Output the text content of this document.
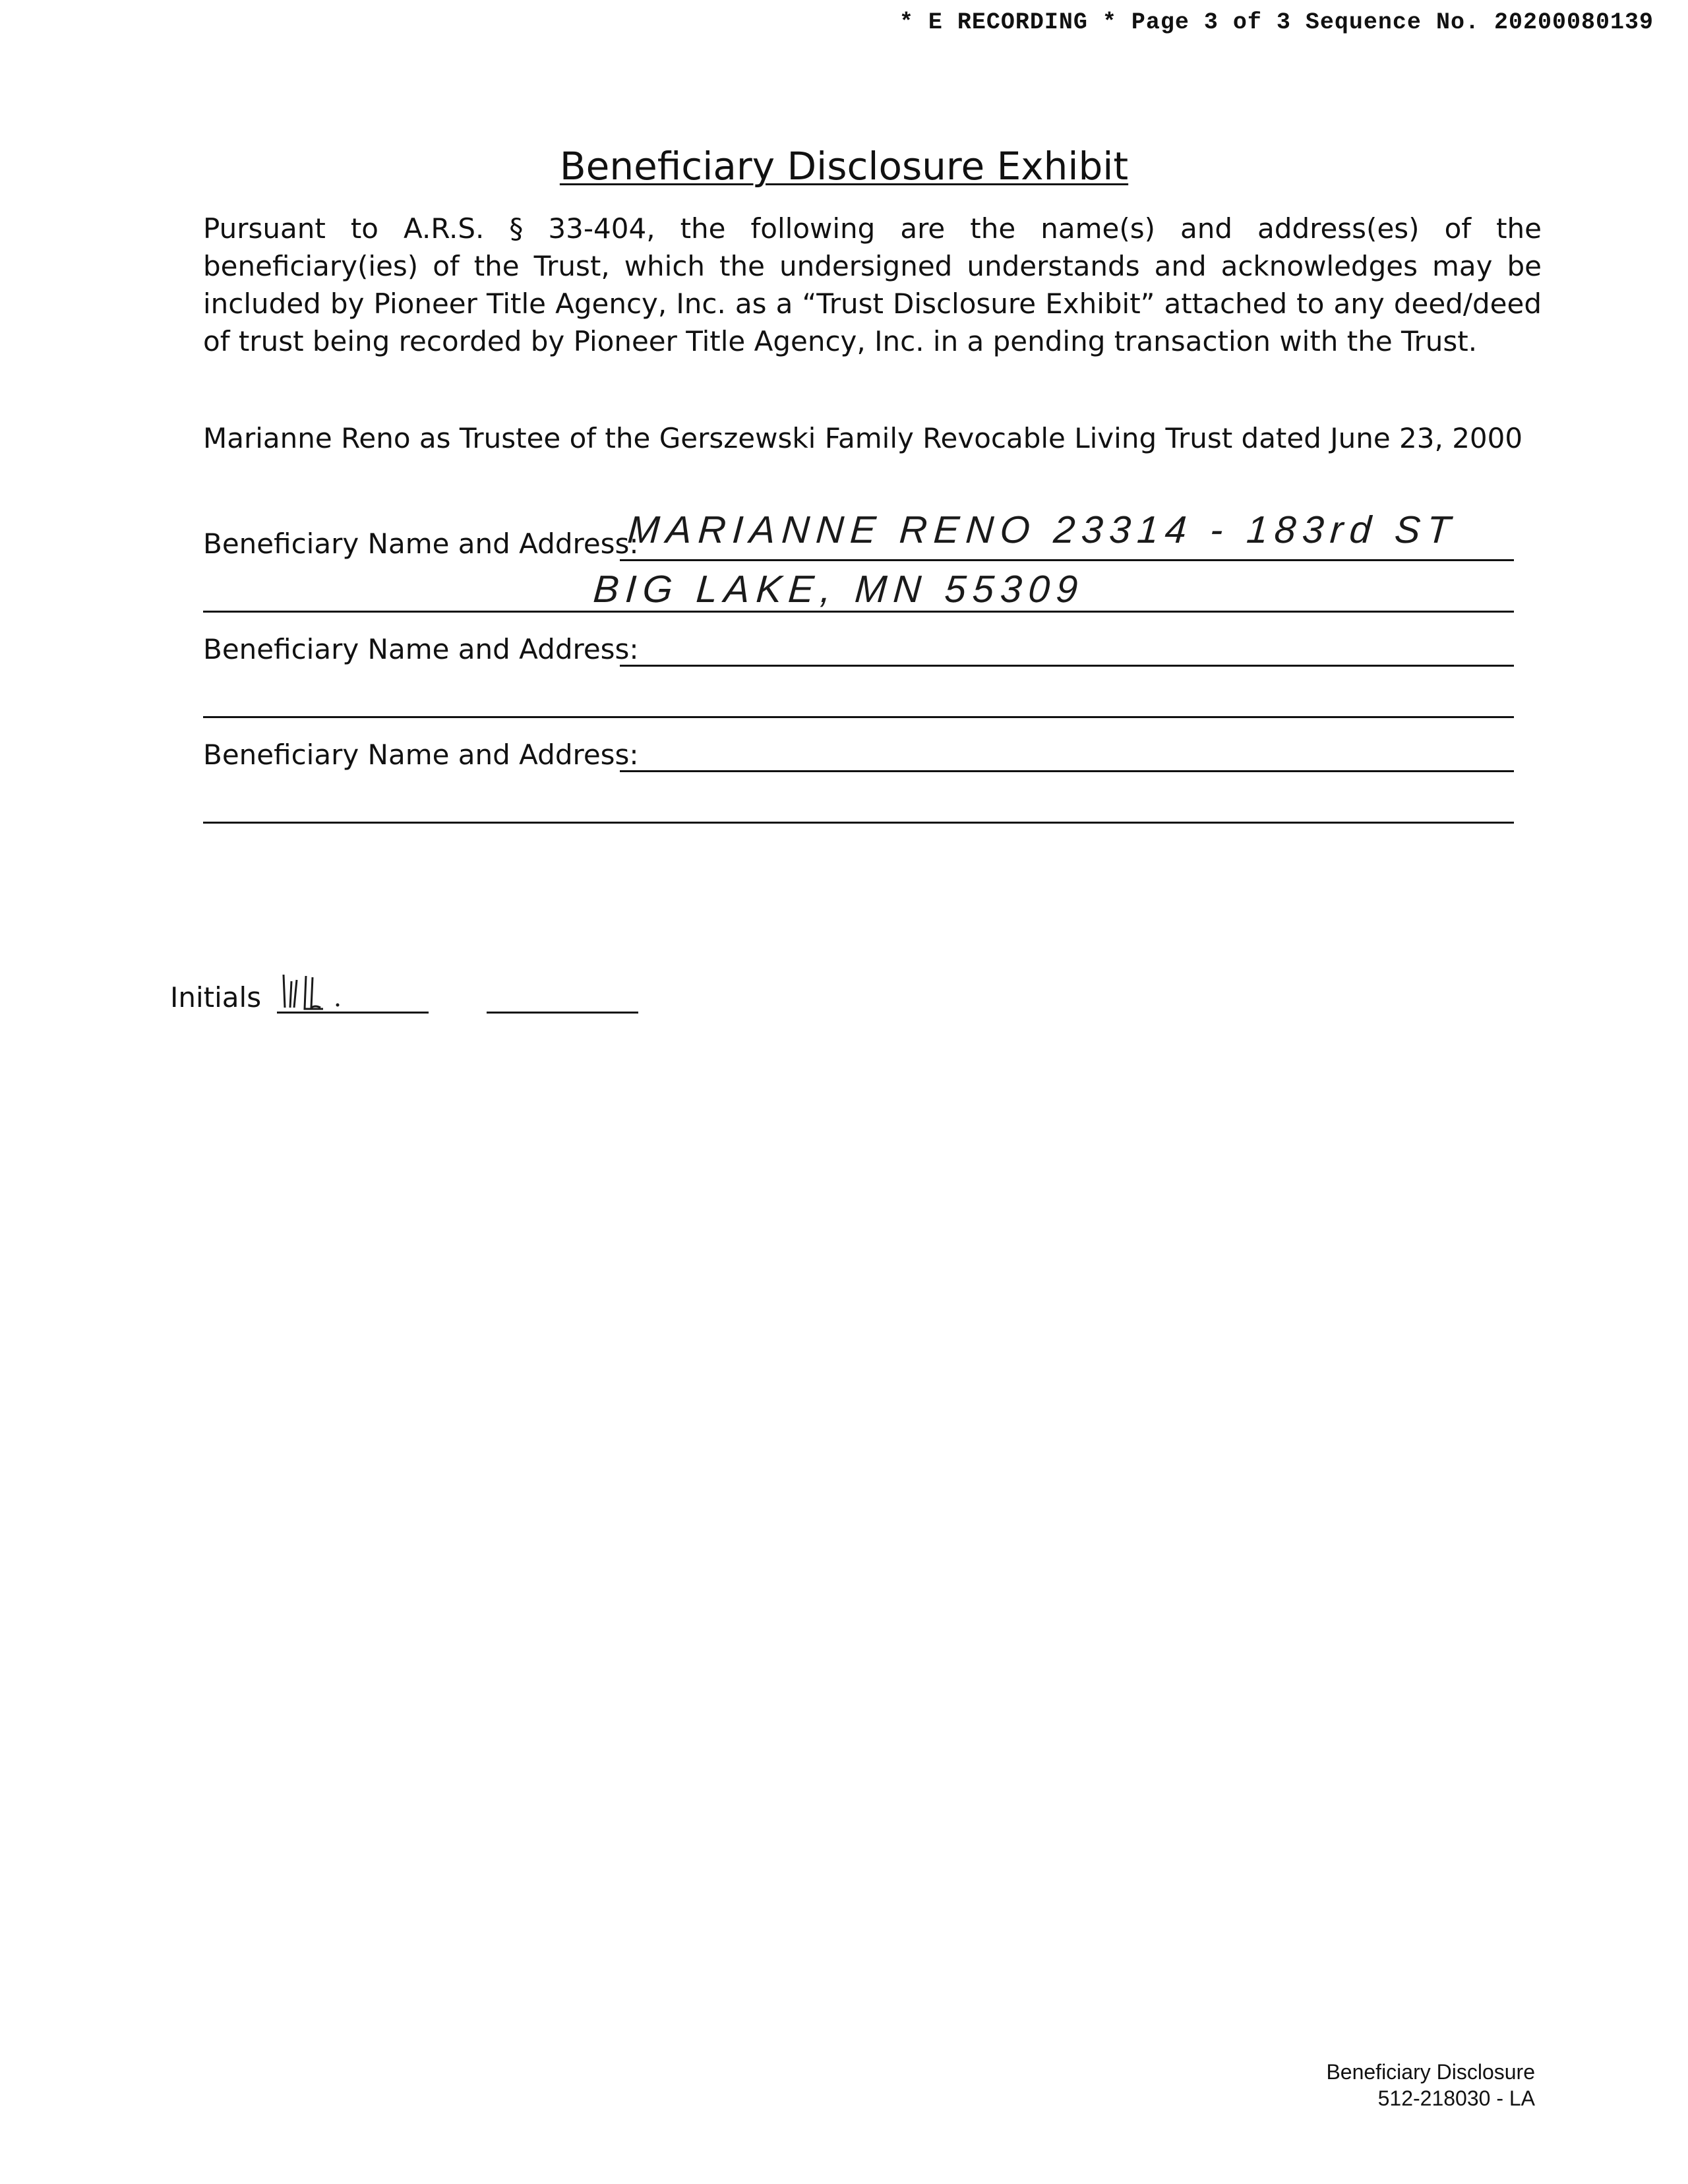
* E RECORDING * Page 3 of 3 Sequence No. 20200080139
Beneficiary Disclosure Exhibit
Pursuant to A.R.S. § 33-404, the following are the name(s) and address(es) of the beneficiary(ies) of the Trust, which the undersigned understands and acknowledges may be included by Pioneer Title Agency, Inc. as a “Trust Disclosure Exhibit” attached to any deed/deed of trust being recorded by Pioneer Title Agency, Inc. in a pending transaction with the Trust.
Marianne Reno as Trustee of the Gerszewski Family Revocable Living Trust dated June 23, 2000
Beneficiary Name and Address:
MARIANNE RENO 23314 - 183rd ST
BIG LAKE, MN 55309
Beneficiary Name and Address:
Beneficiary Name and Address:
Initials
Beneficiary Disclosure
512-218030 - LA
